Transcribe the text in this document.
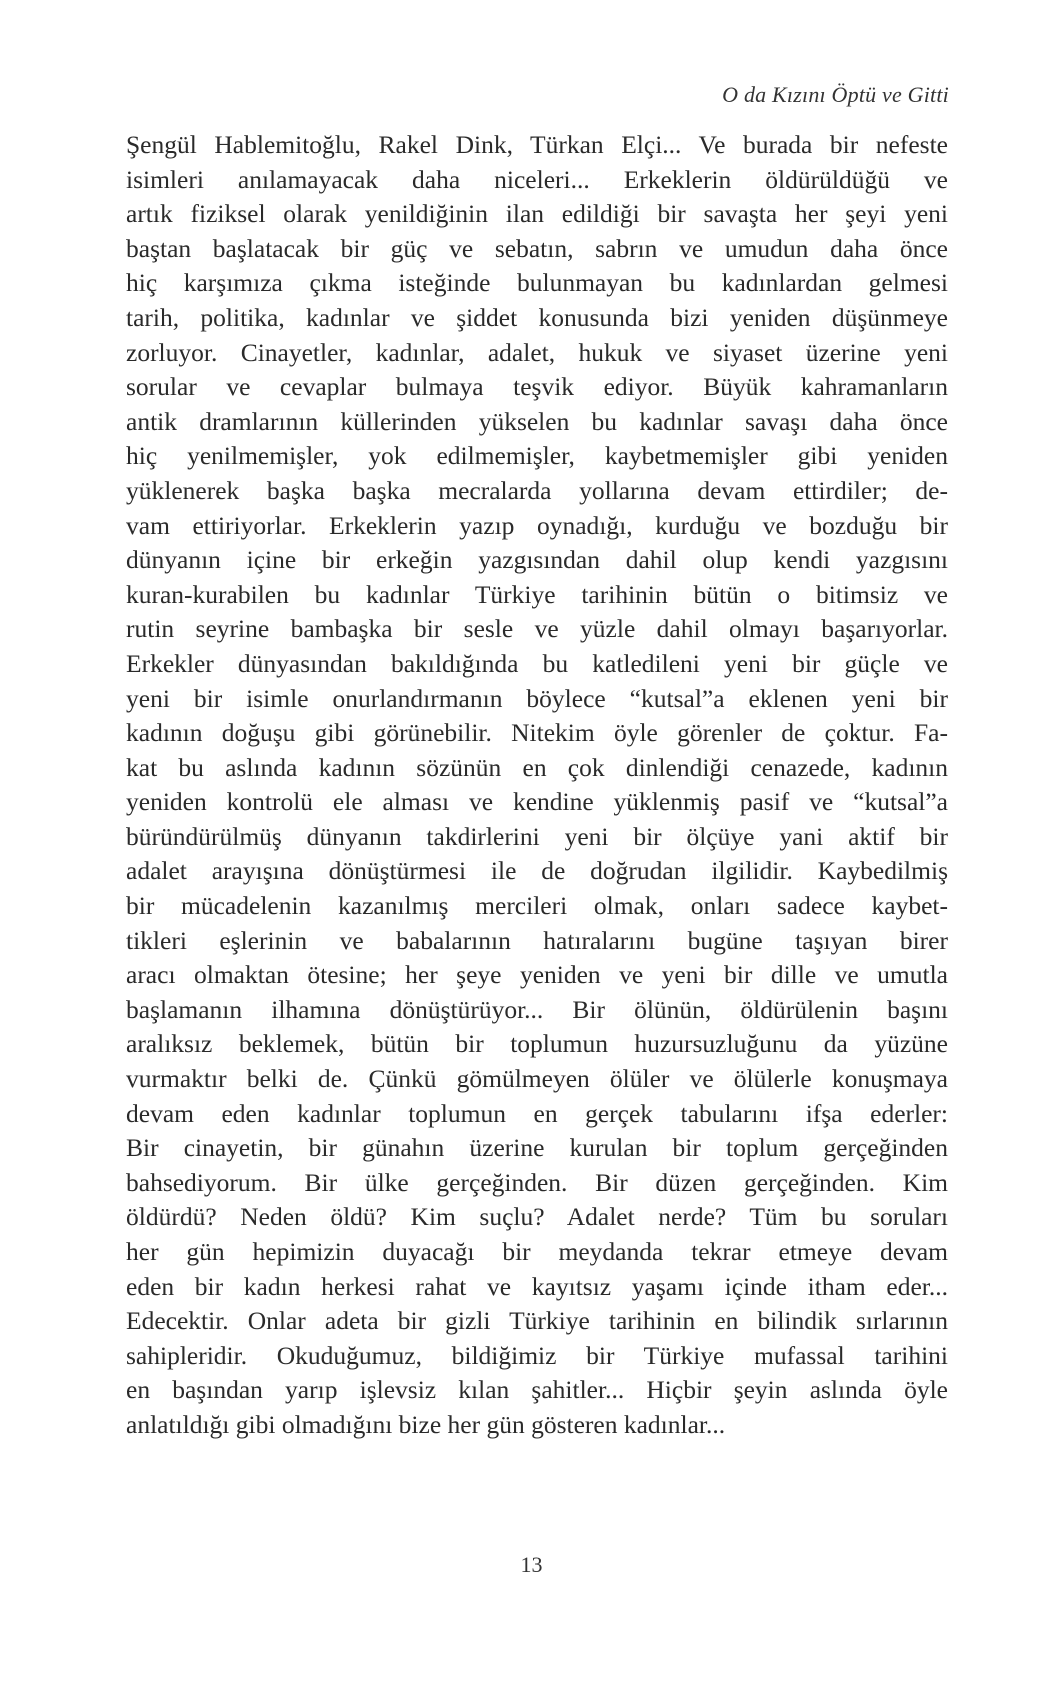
O da Kızını Öptü ve Gitti
Şengül Hablemitoğlu, Rakel Dink, Türkan Elçi... Ve burada bir nefeste
isimleri anılamayacak daha niceleri... Erkeklerin öldürüldüğü ve
artık fiziksel olarak yenildiğinin ilan edildiği bir savaşta her şeyi yeni
baştan başlatacak bir güç ve sebatın, sabrın ve umudun daha önce
hiç karşımıza çıkma isteğinde bulunmayan bu kadınlardan gelmesi
tarih, politika, kadınlar ve şiddet konusunda bizi yeniden düşünmeye
zorluyor. Cinayetler, kadınlar, adalet, hukuk ve siyaset üzerine yeni
sorular ve cevaplar bulmaya teşvik ediyor. Büyük kahramanların
antik dramlarının küllerinden yükselen bu kadınlar savaşı daha önce
hiç yenilmemişler, yok edilmemişler, kaybetmemişler gibi yeniden
yüklenerek başka başka mecralarda yollarına devam ettirdiler; de-
vam ettiriyorlar. Erkeklerin yazıp oynadığı, kurduğu ve bozduğu bir
dünyanın içine bir erkeğin yazgısından dahil olup kendi yazgısını
kuran-kurabilen bu kadınlar Türkiye tarihinin bütün o bitimsiz ve
rutin seyrine bambaşka bir sesle ve yüzle dahil olmayı başarıyorlar.
Erkekler dünyasından bakıldığında bu katledileni yeni bir güçle ve
yeni bir isimle onurlandırmanın böylece “kutsal”a eklenen yeni bir
kadının doğuşu gibi görünebilir. Nitekim öyle görenler de çoktur. Fa-
kat bu aslında kadının sözünün en çok dinlendiği cenazede, kadının
yeniden kontrolü ele alması ve kendine yüklenmiş pasif ve “kutsal”a
büründürülmüş dünyanın takdirlerini yeni bir ölçüye yani aktif bir
adalet arayışına dönüştürmesi ile de doğrudan ilgilidir. Kaybedilmiş
bir mücadelenin kazanılmış mercileri olmak, onları sadece kaybet-
tikleri eşlerinin ve babalarının hatıralarını bugüne taşıyan birer
aracı olmaktan ötesine; her şeye yeniden ve yeni bir dille ve umutla
başlamanın ilhamına dönüştürüyor... Bir ölünün, öldürülenin başını
aralıksız beklemek, bütün bir toplumun huzursuzluğunu da yüzüne
vurmaktır belki de. Çünkü gömülmeyen ölüler ve ölülerle konuşmaya
devam eden kadınlar toplumun en gerçek tabularını ifşa ederler:
Bir cinayetin, bir günahın üzerine kurulan bir toplum gerçeğinden
bahsediyorum. Bir ülke gerçeğinden. Bir düzen gerçeğinden. Kim
öldürdü? Neden öldü? Kim suçlu? Adalet nerde? Tüm bu soruları
her gün hepimizin duyacağı bir meydanda tekrar etmeye devam
eden bir kadın herkesi rahat ve kayıtsız yaşamı içinde itham eder...
Edecektir. Onlar adeta bir gizli Türkiye tarihinin en bilindik sırlarının
sahipleridir. Okuduğumuz, bildiğimiz bir Türkiye mufassal tarihini
en başından yarıp işlevsiz kılan şahitler... Hiçbir şeyin aslında öyle
anlatıldığı gibi olmadığını bize her gün gösteren kadınlar...
13
